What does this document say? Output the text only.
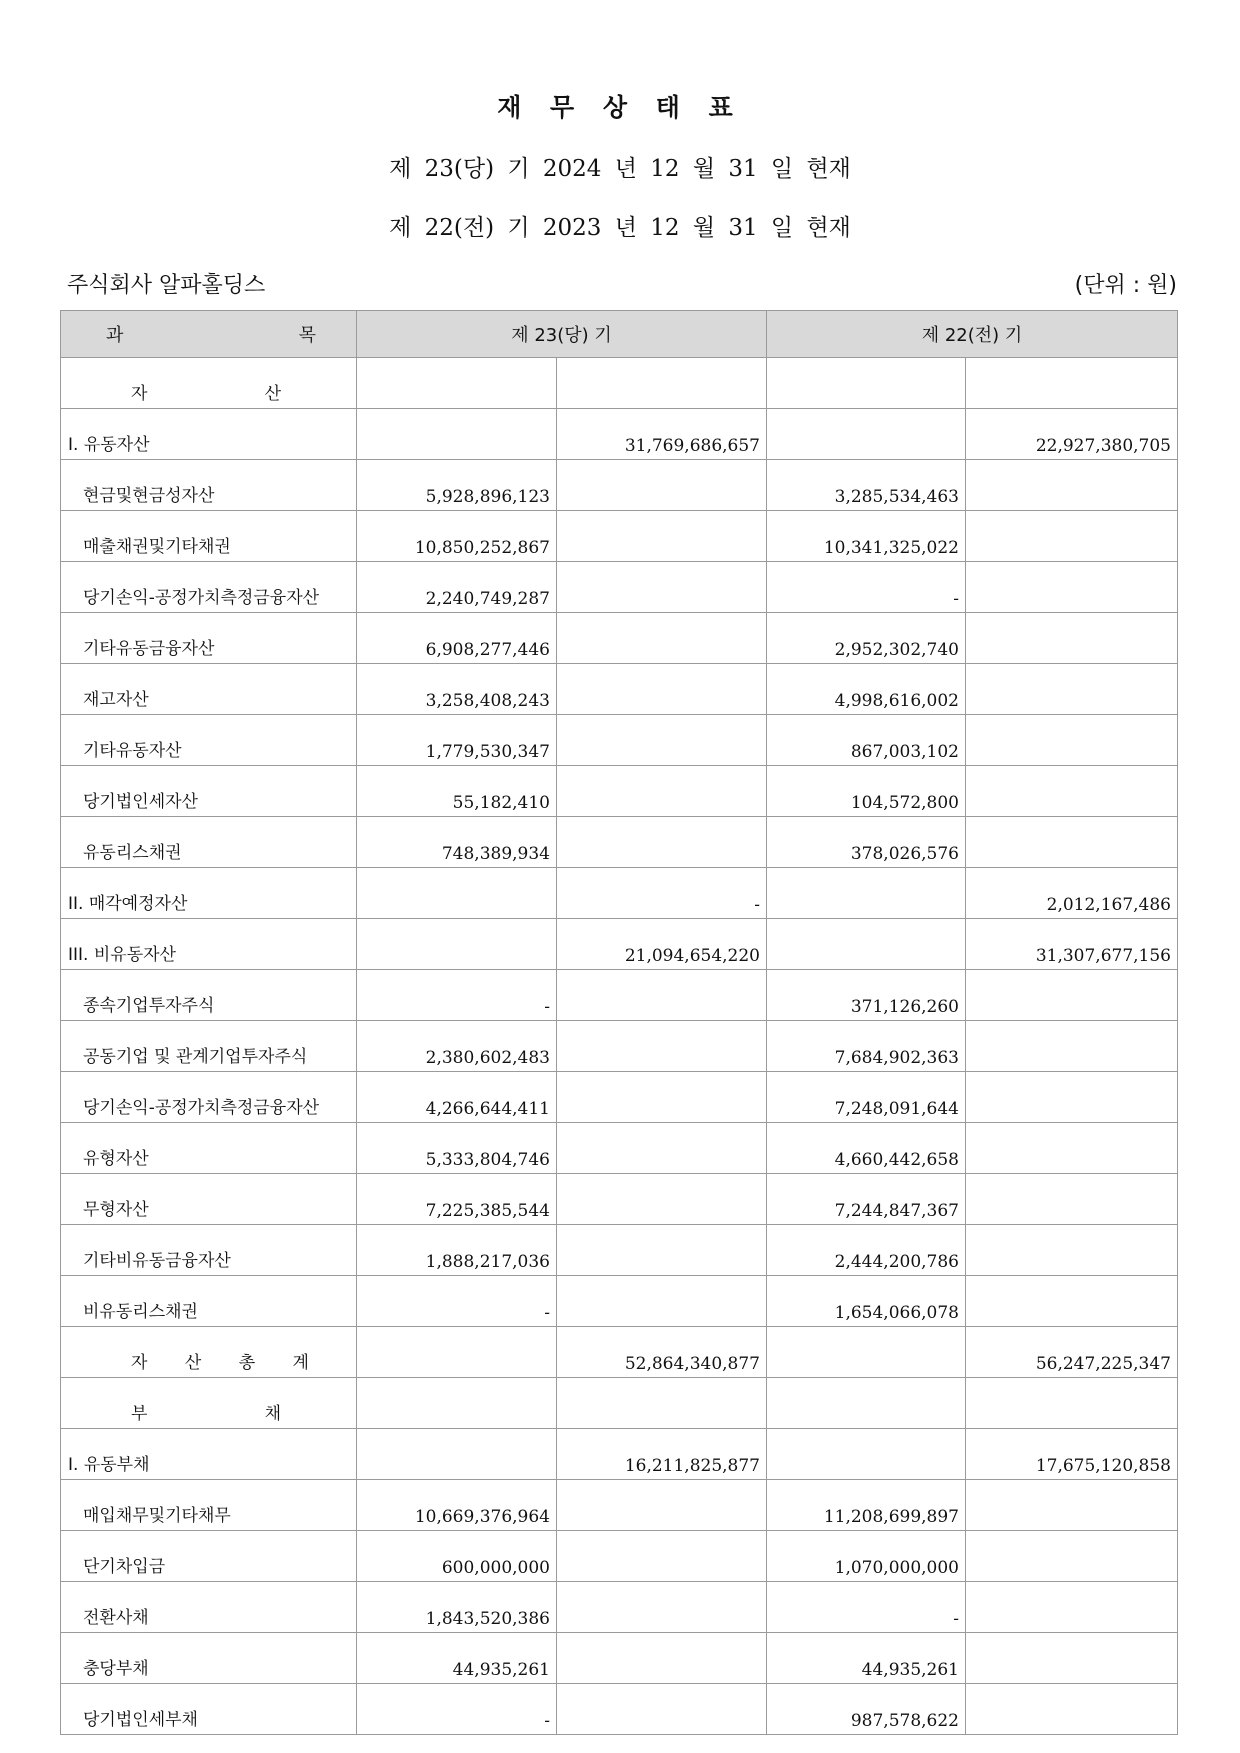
재 무 상 태 표
제 23(당) 기 2024 년 12 월 31 일 현재
제 22(전) 기 2023 년 12 월 31 일 현재
주식회사 알파홀딩스	(단위 : 원)
과 목	제 23(당) 기		제 22(전) 기	

자 산				

I. 유동자산		31,769,686,657		22,927,380,705
현금및현금성자산	5,928,896,123		3,285,534,463	
매출채권및기타채권	10,850,252,867		10,341,325,022	
당기손익-공정가치측정금융자산	2,240,749,287		-	
기타유동금융자산	6,908,277,446		2,952,302,740	
재고자산	3,258,408,243		4,998,616,002	
기타유동자산	1,779,530,347		867,003,102	
당기법인세자산	55,182,410		104,572,800	
유동리스채권	748,389,934		378,026,576	
II. 매각예정자산		-		2,012,167,486
III. 비유동자산		21,094,654,220		31,307,677,156
종속기업투자주식	-		371,126,260	
공동기업 및 관계기업투자주식	2,380,602,483		7,684,902,363	
당기손익-공정가치측정금융자산	4,266,644,411		7,248,091,644	
유형자산	5,333,804,746		4,660,442,658	
무형자산	7,225,385,544		7,244,847,367	
기타비유동금융자산	1,888,217,036		2,444,200,786	
비유동리스채권	-		1,654,066,078	

자 산 총 계		52,864,340,877		56,247,225,347

부 채				

I. 유동부채		16,211,825,877		17,675,120,858
매입채무및기타채무	10,669,376,964		11,208,699,897	
단기차입금	600,000,000		1,070,000,000	
전환사채	1,843,520,386		-	
충당부채	44,935,261		44,935,261	
당기법인세부채	-		987,578,622	
